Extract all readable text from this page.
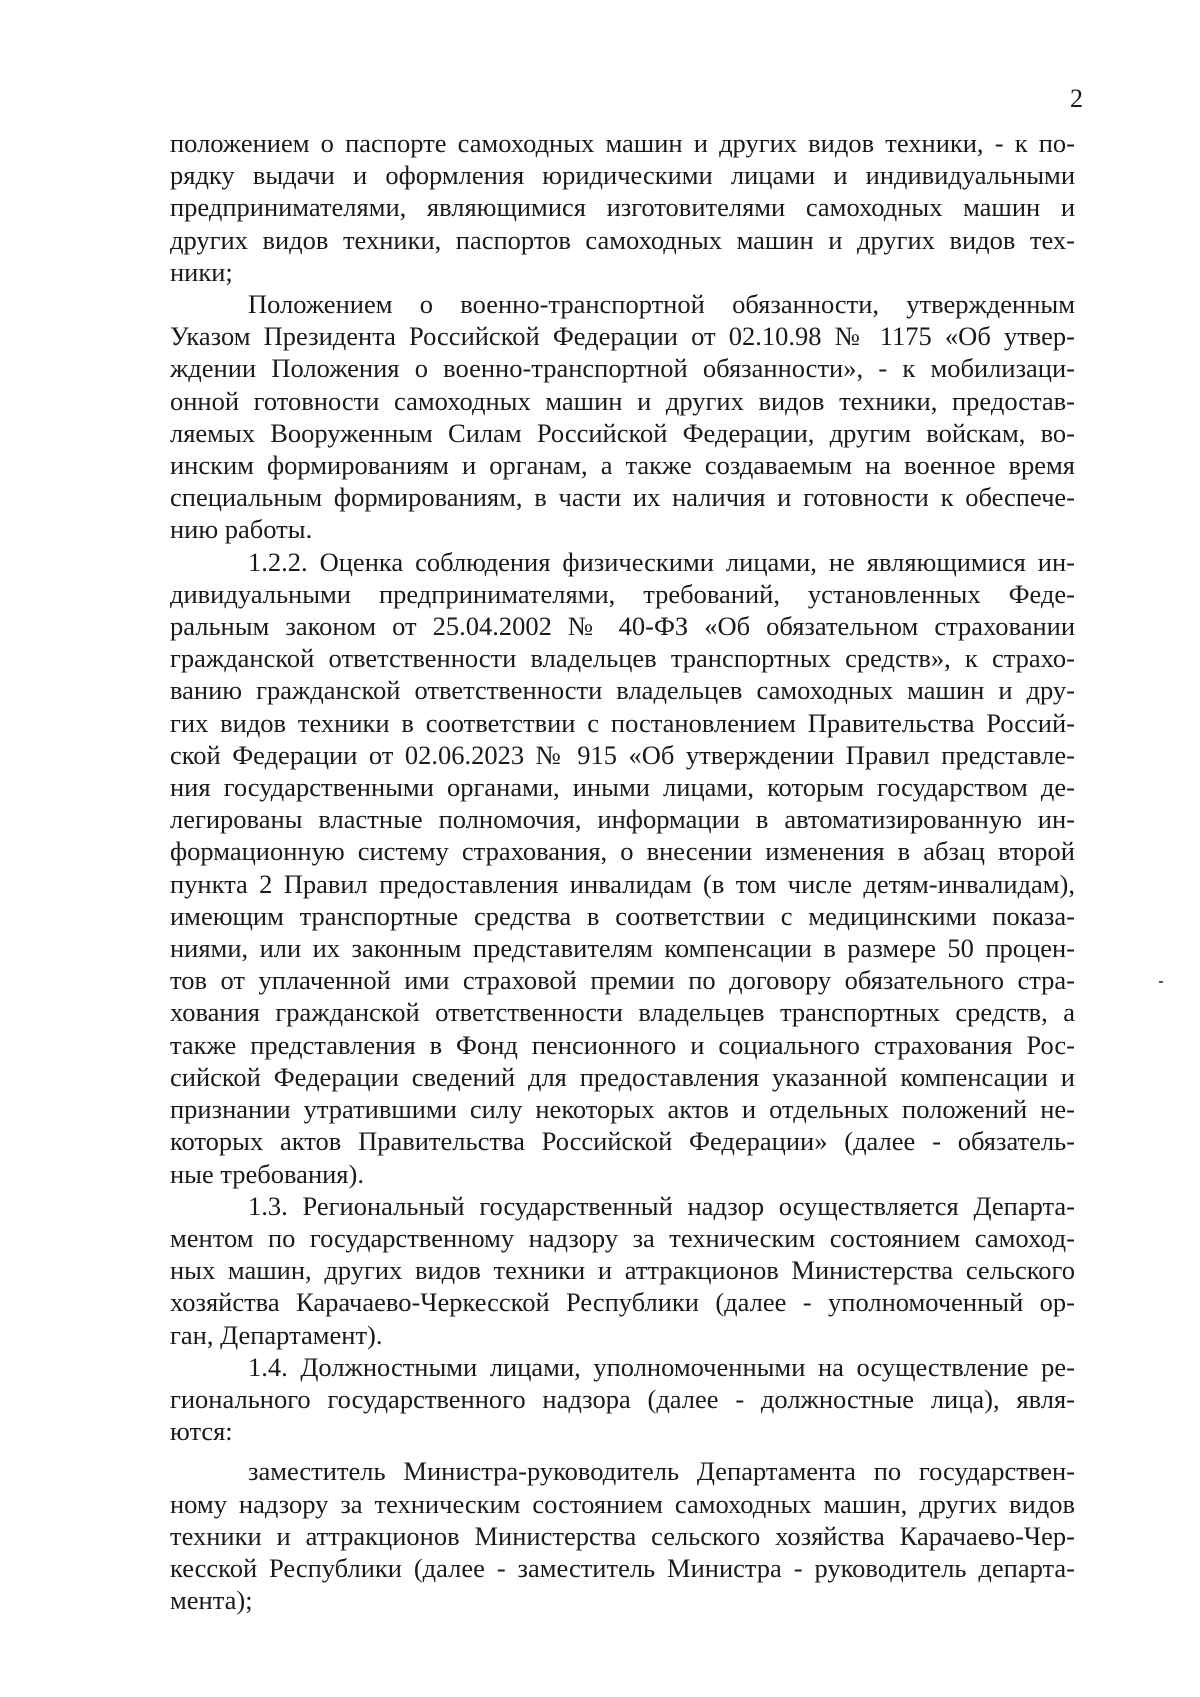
2
положением о паспорте самоходных машин и других видов техники, - к по-
рядку выдачи и оформления юридическими лицами и индивидуальными
предпринимателями, являющимися изготовителями самоходных машин и
других видов техники, паспортов самоходных машин и других видов тех-
ники;
Положением о военно-транспортной обязанности, утвержденным
Указом Президента Российской Федерации от 02.10.98 № 1175 «Об утвер-
ждении Положения о военно-транспортной обязанности», - к мобилизаци-
онной готовности самоходных машин и других видов техники, предостав-
ляемых Вооруженным Силам Российской Федерации, другим войскам, во-
инским формированиям и органам, а также создаваемым на военное время
специальным формированиям, в части их наличия и готовности к обеспече-
нию работы.
1.2.2. Оценка соблюдения физическими лицами, не являющимися ин-
дивидуальными предпринимателями, требований, установленных Феде-
ральным законом от 25.04.2002 № 40-ФЗ «Об обязательном страховании
гражданской ответственности владельцев транспортных средств», к страхо-
ванию гражданской ответственности владельцев самоходных машин и дру-
гих видов техники в соответствии с постановлением Правительства Россий-
ской Федерации от 02.06.2023 № 915 «Об утверждении Правил представле-
ния государственными органами, иными лицами, которым государством де-
легированы властные полномочия, информации в автоматизированную ин-
формационную систему страхования, о внесении изменения в абзац второй
пункта 2 Правил предоставления инвалидам (в том числе детям-инвалидам),
имеющим транспортные средства в соответствии с медицинскими показа-
ниями, или их законным представителям компенсации в размере 50 процен-
тов от уплаченной ими страховой премии по договору обязательного стра-
хования гражданской ответственности владельцев транспортных средств, а
также представления в Фонд пенсионного и социального страхования Рос-
сийской Федерации сведений для предоставления указанной компенсации и
признании утратившими силу некоторых актов и отдельных положений не-
которых актов Правительства Российской Федерации» (далее - обязатель-
ные требования).
1.3. Региональный государственный надзор осуществляется Департа-
ментом по государственному надзору за техническим состоянием самоход-
ных машин, других видов техники и аттракционов Министерства сельского
хозяйства Карачаево-Черкесской Республики (далее - уполномоченный ор-
ган, Департамент).
1.4. Должностными лицами, уполномоченными на осуществление ре-
гионального государственного надзора (далее - должностные лица), явля-
ются:
заместитель Министра-руководитель Департамента по государствен-
ному надзору за техническим состоянием самоходных машин, других видов
техники и аттракционов Министерства сельского хозяйства Карачаево-Чер-
кесской Республики (далее - заместитель Министра - руководитель департа-
мента);
